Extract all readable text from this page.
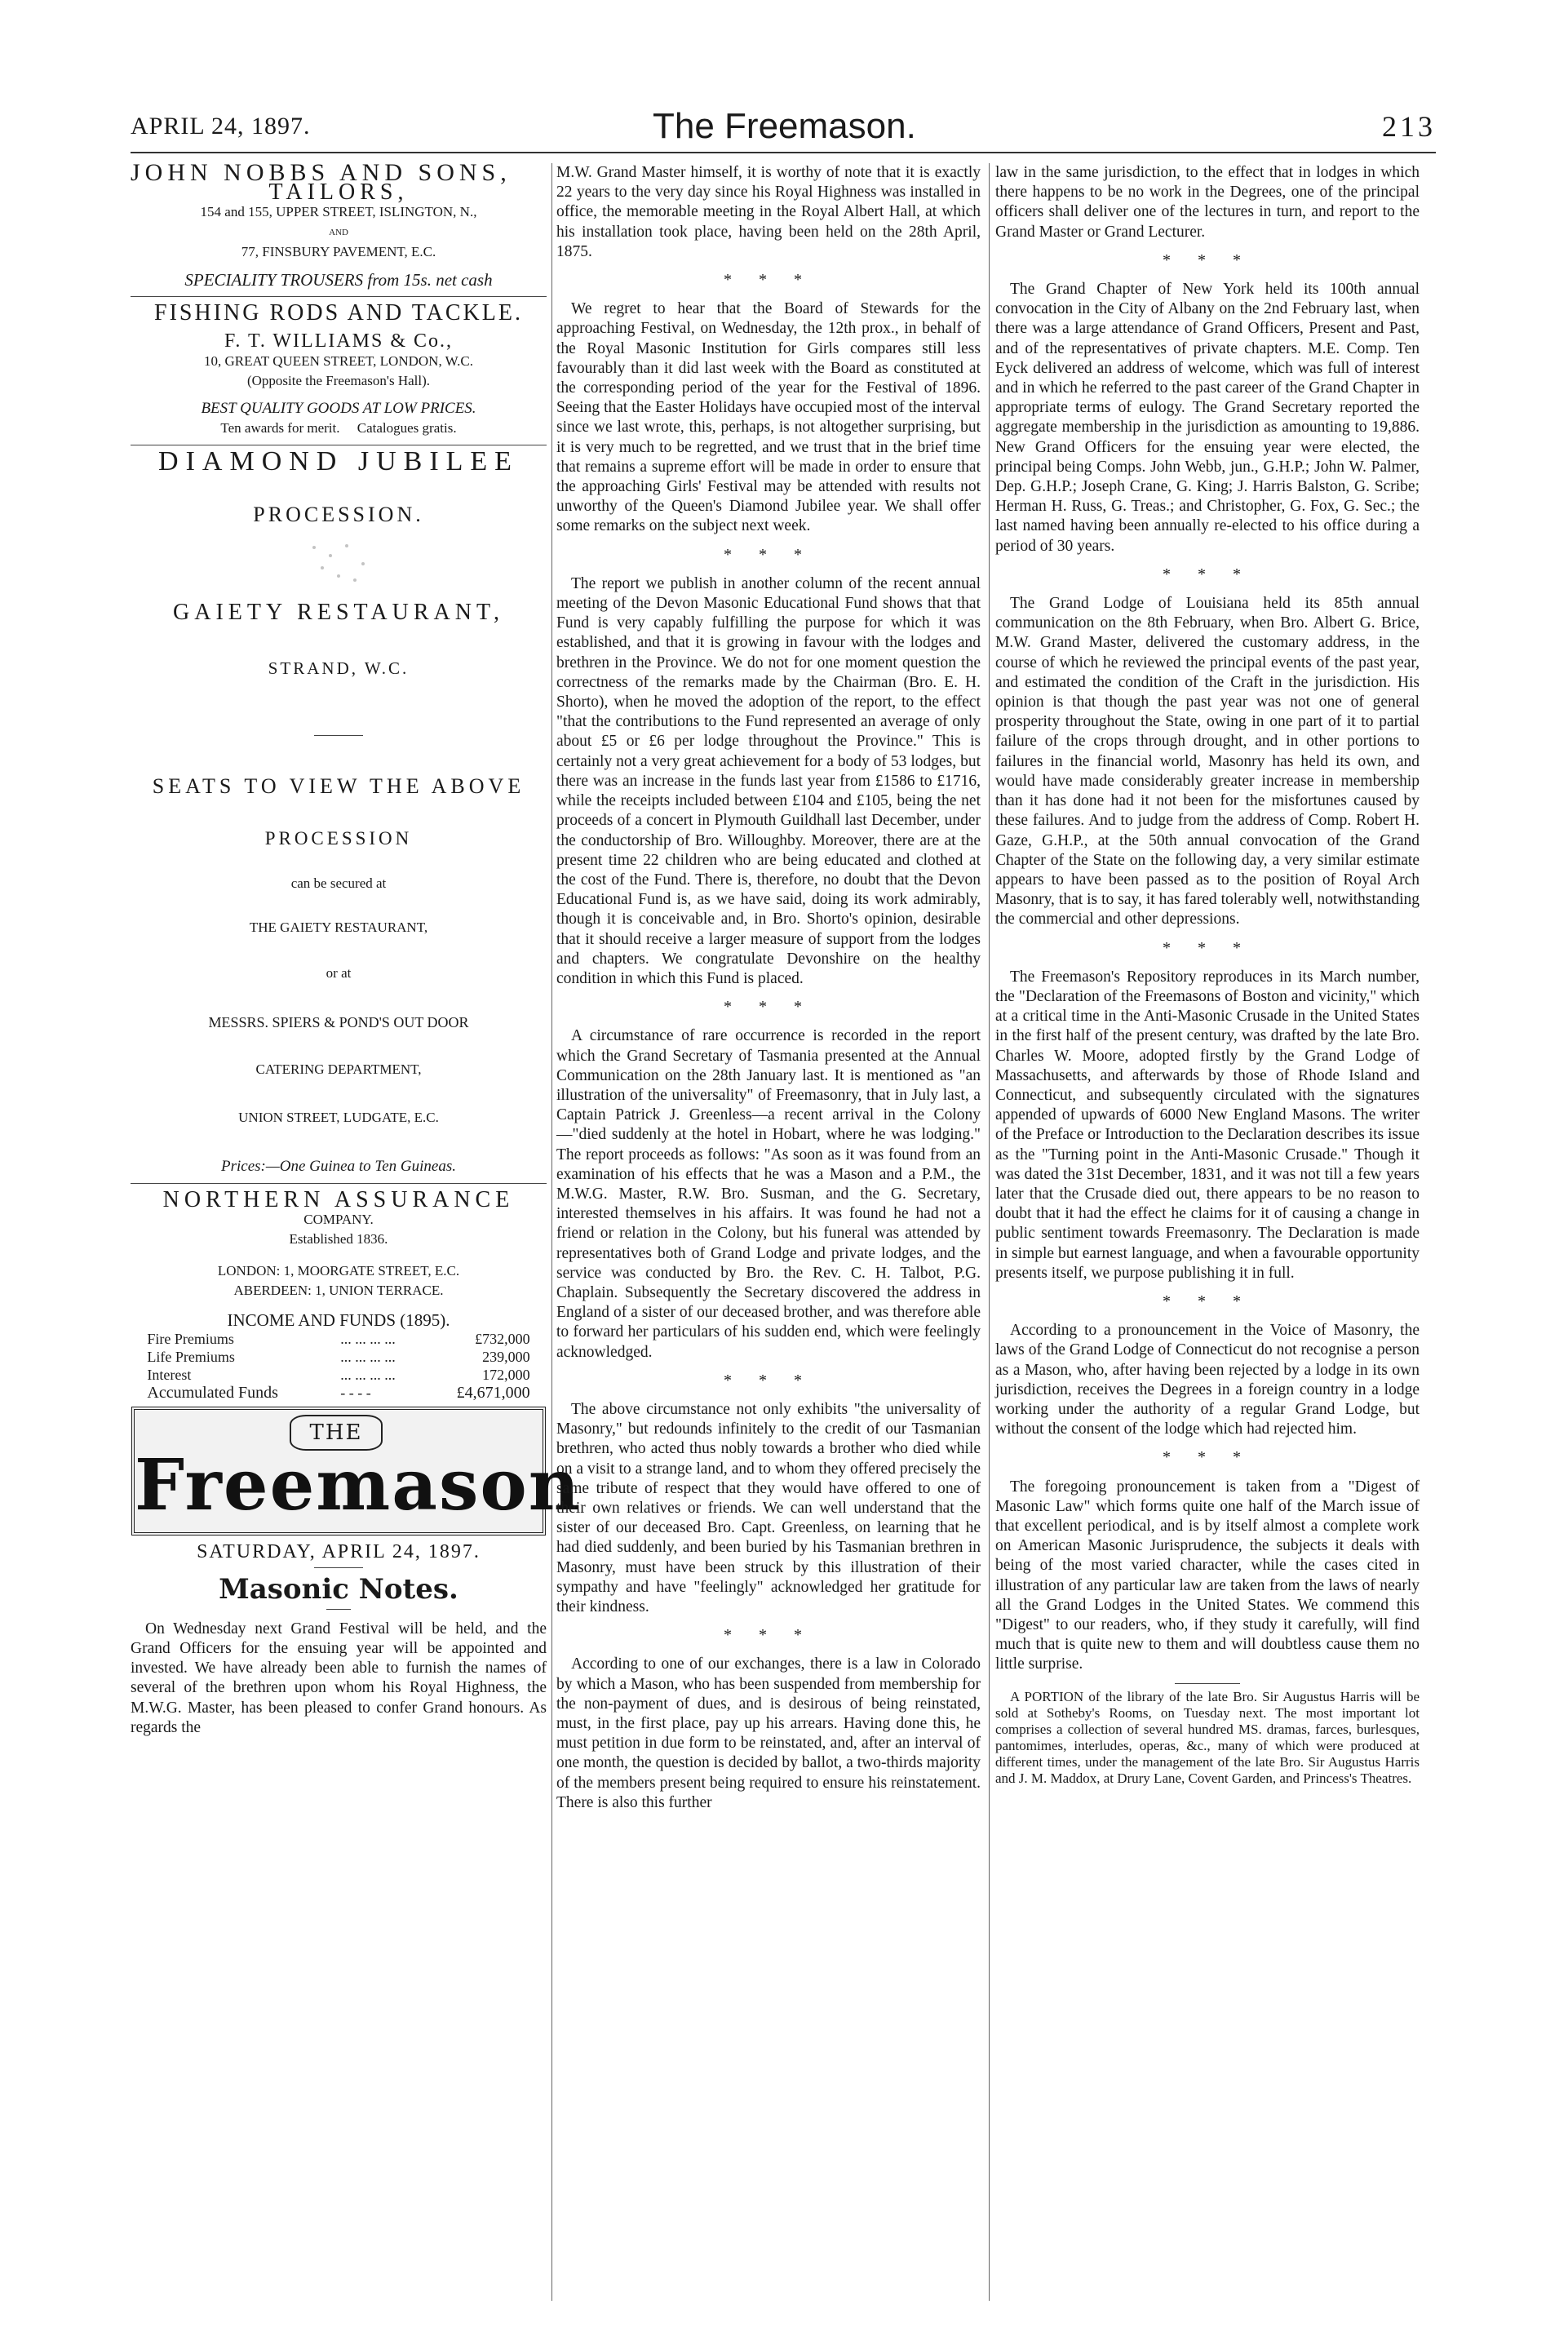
APRIL 24, 1897.	The Freemason.	213

JOHN NOBBS AND SONS,

TAILORS,

154 and 155, UPPER STREET, ISLINGTON, N.,

AND

77, FINSBURY PAVEMENT, E.C.

SPECIALITY TROUSERS from 15s. net cash

FISHING RODS AND TACKLE.

F. T. WILLIAMS & Co.,

10, GREAT QUEEN STREET, LONDON, W.C.

(Opposite the Freemason's Hall).

BEST QUALITY GOODS AT LOW PRICES.

Ten awards for merit.     Catalogues gratis.

DIAMOND JUBILEE

PROCESSION.

GAIETY RESTAURANT,

STRAND, W.C.

SEATS TO VIEW THE ABOVE

PROCESSION

can be secured at

THE GAIETY RESTAURANT,

or at

MESSRS. SPIERS & POND'S OUT DOOR

CATERING DEPARTMENT,

UNION STREET, LUDGATE, E.C.

Prices:—One Guinea to Ten Guineas.

NORTHERN ASSURANCE

COMPANY.

Established 1836.

LONDON: 1, MOORGATE STREET, E.C.

ABERDEEN: 1, UNION TERRACE.

INCOME AND FUNDS (1895).

Fire Premiums	... ... ... ...	£732,000
Life Premiums	... ... ... ...	239,000
Interest	... ... ... ...	172,000
Accumulated Funds	- - - -	£4,671,000
THE
Freemason

SATURDAY, APRIL 24, 1897.

Masonic Notes.

On Wednesday next Grand Festival will be held, and the Grand Officers for the ensuing year will be appointed and invested. We have already been able to furnish the names of several of the brethren upon whom his Royal Highness, the M.W.G. Master, has been pleased to confer Grand honours. As regards the

M.W. Grand Master himself, it is worthy of note that it is exactly 22 years to the very day since his Royal Highness was installed in office, the memorable meeting in the Royal Albert Hall, at which his installation took place, having been held on the 28th April, 1875.

* * *

We regret to hear that the Board of Stewards for the approaching Festival, on Wednesday, the 12th prox., in behalf of the Royal Masonic Institution for Girls compares still less favourably than it did last week with the Board as constituted at the corresponding period of the year for the Festival of 1896. Seeing that the Easter Holidays have occupied most of the interval since we last wrote, this, perhaps, is not altogether surprising, but it is very much to be regretted, and we trust that in the brief time that remains a supreme effort will be made in order to ensure that the approaching Girls' Festival may be attended with results not unworthy of the Queen's Diamond Jubilee year. We shall offer some remarks on the subject next week.

* * *

The report we publish in another column of the recent annual meeting of the Devon Masonic Educational Fund shows that that Fund is very capably fulfilling the purpose for which it was established, and that it is growing in favour with the lodges and brethren in the Province. We do not for one moment question the correctness of the remarks made by the Chairman (Bro. E. H. Shorto), when he moved the adoption of the report, to the effect "that the contributions to the Fund represented an average of only about £5 or £6 per lodge throughout the Province." This is certainly not a very great achievement for a body of 53 lodges, but there was an increase in the funds last year from £1586 to £1716, while the receipts included between £104 and £105, being the net proceeds of a concert in Plymouth Guildhall last December, under the conductorship of Bro. Willoughby. Moreover, there are at the present time 22 children who are being educated and clothed at the cost of the Fund. There is, therefore, no doubt that the Devon Educational Fund is, as we have said, doing its work admirably, though it is conceivable and, in Bro. Shorto's opinion, desirable that it should receive a larger measure of support from the lodges and chapters. We congratulate Devonshire on the healthy condition in which this Fund is placed.

* * *

A circumstance of rare occurrence is recorded in the report which the Grand Secretary of Tasmania presented at the Annual Communication on the 28th January last. It is mentioned as "an illustration of the universality" of Freemasonry, that in July last, a Captain Patrick J. Greenless—a recent arrival in the Colony—"died suddenly at the hotel in Hobart, where he was lodging." The report proceeds as follows: "As soon as it was found from an examination of his effects that he was a Mason and a P.M., the M.W.G. Master, R.W. Bro. Susman, and the G. Secretary, interested themselves in his affairs. It was found he had not a friend or relation in the Colony, but his funeral was attended by representatives both of Grand Lodge and private lodges, and the service was conducted by Bro. the Rev. C. H. Talbot, P.G. Chaplain. Subsequently the Secretary discovered the address in England of a sister of our deceased brother, and was therefore able to forward her particulars of his sudden end, which were feelingly acknowledged.

* * *

The above circumstance not only exhibits "the universality of Masonry," but redounds infinitely to the credit of our Tasmanian brethren, who acted thus nobly towards a brother who died while on a visit to a strange land, and to whom they offered precisely the same tribute of respect that they would have offered to one of their own relatives or friends. We can well understand that the sister of our deceased Bro. Capt. Greenless, on learning that he had died suddenly, and been buried by his Tasmanian brethren in Masonry, must have been struck by this illustration of their sympathy and have "feelingly" acknowledged her gratitude for their kindness.

* * *

According to one of our exchanges, there is a law in Colorado by which a Mason, who has been suspended from membership for the non-payment of dues, and is desirous of being reinstated, must, in the first place, pay up his arrears. Having done this, he must petition in due form to be reinstated, and, after an interval of one month, the question is decided by ballot, a two-thirds majority of the members present being required to ensure his reinstatement. There is also this further

law in the same jurisdiction, to the effect that in lodges in which there happens to be no work in the Degrees, one of the principal officers shall deliver one of the lectures in turn, and report to the Grand Master or Grand Lecturer.

* * *

The Grand Chapter of New York held its 100th annual convocation in the City of Albany on the 2nd February last, when there was a large attendance of Grand Officers, Present and Past, and of the representatives of private chapters. M.E. Comp. Ten Eyck delivered an address of welcome, which was full of interest and in which he referred to the past career of the Grand Chapter in appropriate terms of eulogy. The Grand Secretary reported the aggregate membership in the jurisdiction as amounting to 19,886. New Grand Officers for the ensuing year were elected, the principal being Comps. John Webb, jun., G.H.P.; John W. Palmer, Dep. G.H.P.; Joseph Crane, G. King; J. Harris Balston, G. Scribe; Herman H. Russ, G. Treas.; and Christopher, G. Fox, G. Sec.; the last named having been annually re-elected to his office during a period of 30 years.

* * *

The Grand Lodge of Louisiana held its 85th annual communication on the 8th February, when Bro. Albert G. Brice, M.W. Grand Master, delivered the customary address, in the course of which he reviewed the principal events of the past year, and estimated the condition of the Craft in the jurisdiction. His opinion is that though the past year was not one of general prosperity throughout the State, owing in one part of it to partial failure of the crops through drought, and in other portions to failures in the financial world, Masonry has held its own, and would have made considerably greater increase in membership than it has done had it not been for the misfortunes caused by these failures. And to judge from the address of Comp. Robert H. Gaze, G.H.P., at the 50th annual convocation of the Grand Chapter of the State on the following day, a very similar estimate appears to have been passed as to the position of Royal Arch Masonry, that is to say, it has fared tolerably well, notwithstanding the commercial and other depressions.

* * *

The Freemason's Repository reproduces in its March number, the "Declaration of the Freemasons of Boston and vicinity," which at a critical time in the Anti-Masonic Crusade in the United States in the first half of the present century, was drafted by the late Bro. Charles W. Moore, adopted firstly by the Grand Lodge of Massachusetts, and afterwards by those of Rhode Island and Connecticut, and subsequently circulated with the signatures appended of upwards of 6000 New England Masons. The writer of the Preface or Introduction to the Declaration describes its issue as the "Turning point in the Anti-Masonic Crusade." Though it was dated the 31st December, 1831, and it was not till a few years later that the Crusade died out, there appears to be no reason to doubt that it had the effect he claims for it of causing a change in public sentiment towards Freemasonry. The Declaration is made in simple but earnest language, and when a favourable opportunity presents itself, we purpose publishing it in full.

* * *

According to a pronouncement in the Voice of Masonry, the laws of the Grand Lodge of Connecticut do not recognise a person as a Mason, who, after having been rejected by a lodge in its own jurisdiction, receives the Degrees in a foreign country in a lodge working under the authority of a regular Grand Lodge, but without the consent of the lodge which had rejected him.

* * *

The foregoing pronouncement is taken from a "Digest of Masonic Law" which forms quite one half of the March issue of that excellent periodical, and is by itself almost a complete work on American Masonic Jurisprudence, the subjects it deals with being of the most varied character, while the cases cited in illustration of any particular law are taken from the laws of nearly all the Grand Lodges in the United States. We commend this "Digest" to our readers, who, if they study it carefully, will find much that is quite new to them and will doubtless cause them no little surprise.

A PORTION of the library of the late Bro. Sir Augustus Harris will be sold at Sotheby's Rooms, on Tuesday next. The most important lot comprises a collection of several hundred MS. dramas, farces, burlesques, pantomimes, interludes, operas, &c., many of which were produced at different times, under the management of the late Bro. Sir Augustus Harris and J. M. Maddox, at Drury Lane, Covent Garden, and Princess's Theatres.
